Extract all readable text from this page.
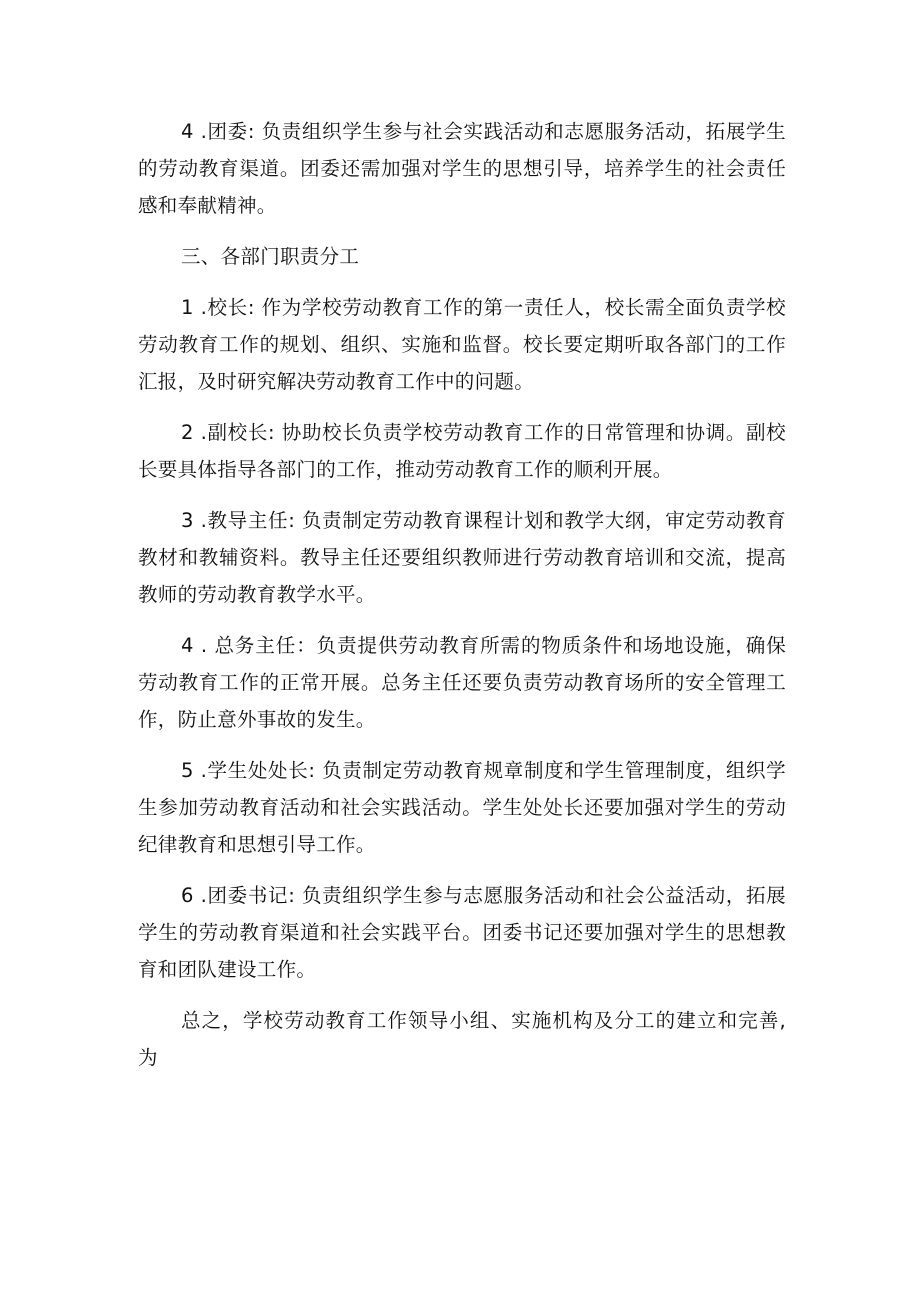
4 .团委: 负责组织学生参与社会实践活动和志愿服务活动，拓展学生的劳动教育渠道。团委还需加强对学生的思想引导，培养学生的社会责任感和奉献精神。

三、各部门职责分工

1 .校长: 作为学校劳动教育工作的第一责任人，校长需全面负责学校劳动教育工作的规划、组织、实施和监督。校长要定期听取各部门的工作汇报，及时研究解决劳动教育工作中的问题。

2 .副校长: 协助校长负责学校劳动教育工作的日常管理和协调。副校长要具体指导各部门的工作，推动劳动教育工作的顺利开展。

3 .教导主任: 负责制定劳动教育课程计划和教学大纲，审定劳动教育教材和教辅资料。教导主任还要组织教师进行劳动教育培训和交流，提高教师的劳动教育教学水平。

4 . 总务主任：负责提供劳动教育所需的物质条件和场地设施，确保劳动教育工作的正常开展。总务主任还要负责劳动教育场所的安全管理工作，防止意外事故的发生。

5 .学生处处长: 负责制定劳动教育规章制度和学生管理制度，组织学生参加劳动教育活动和社会实践活动。学生处处长还要加强对学生的劳动纪律教育和思想引导工作。

6 .团委书记: 负责组织学生参与志愿服务活动和社会公益活动，拓展学生的劳动教育渠道和社会实践平台。团委书记还要加强对学生的思想教育和团队建设工作。

总之，学校劳动教育工作领导小组、实施机构及分工的建立和完善, 为
